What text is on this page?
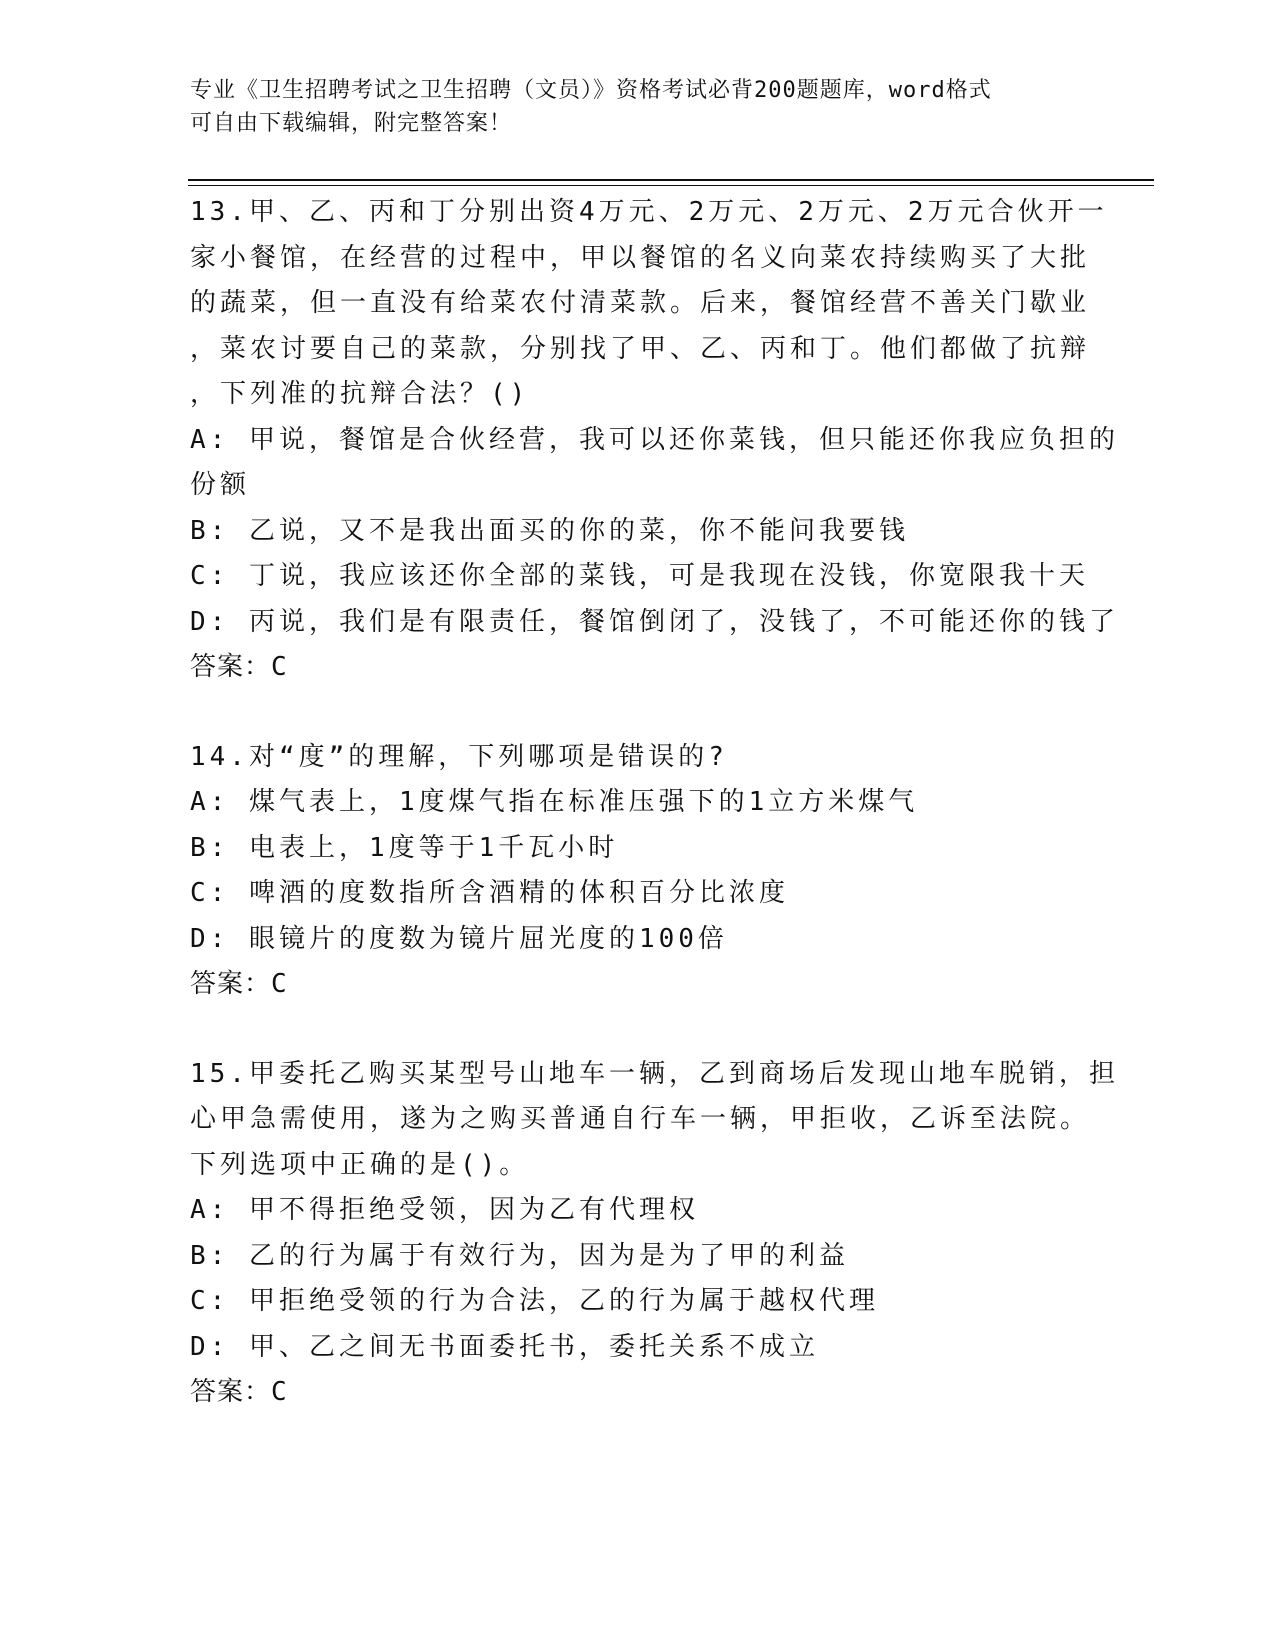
专业《卫生招聘考试之卫生招聘（文员）》资格考试必背200题题库，word格式
可自由下载编辑，附完整答案！
13.甲、乙、丙和丁分别出资4万元、2万元、2万元、2万元合伙开一
家小餐馆，在经营的过程中，甲以餐馆的名义向菜农持续购买了大批
的蔬菜，但一直没有给菜农付清菜款。后来，餐馆经营不善关门歇业
，菜农讨要自己的菜款，分别找了甲、乙、丙和丁。他们都做了抗辩
，下列准的抗辩合法？()
A: 甲说，餐馆是合伙经营，我可以还你菜钱，但只能还你我应负担的
份额
B: 乙说，又不是我出面买的你的菜，你不能问我要钱
C: 丁说，我应该还你全部的菜钱，可是我现在没钱，你宽限我十天
D: 丙说，我们是有限责任，餐馆倒闭了，没钱了，不可能还你的钱了
答案：C
14.对“度”的理解，下列哪项是错误的?
A: 煤气表上，1度煤气指在标准压强下的1立方米煤气
B: 电表上，1度等于1千瓦小时
C: 啤酒的度数指所含酒精的体积百分比浓度
D: 眼镜片的度数为镜片屈光度的100倍
答案：C
15.甲委托乙购买某型号山地车一辆，乙到商场后发现山地车脱销，担
心甲急需使用，遂为之购买普通自行车一辆，甲拒收，乙诉至法院。
下列选项中正确的是()。
A: 甲不得拒绝受领，因为乙有代理权
B: 乙的行为属于有效行为，因为是为了甲的利益
C: 甲拒绝受领的行为合法，乙的行为属于越权代理
D: 甲、乙之间无书面委托书，委托关系不成立
答案：C
